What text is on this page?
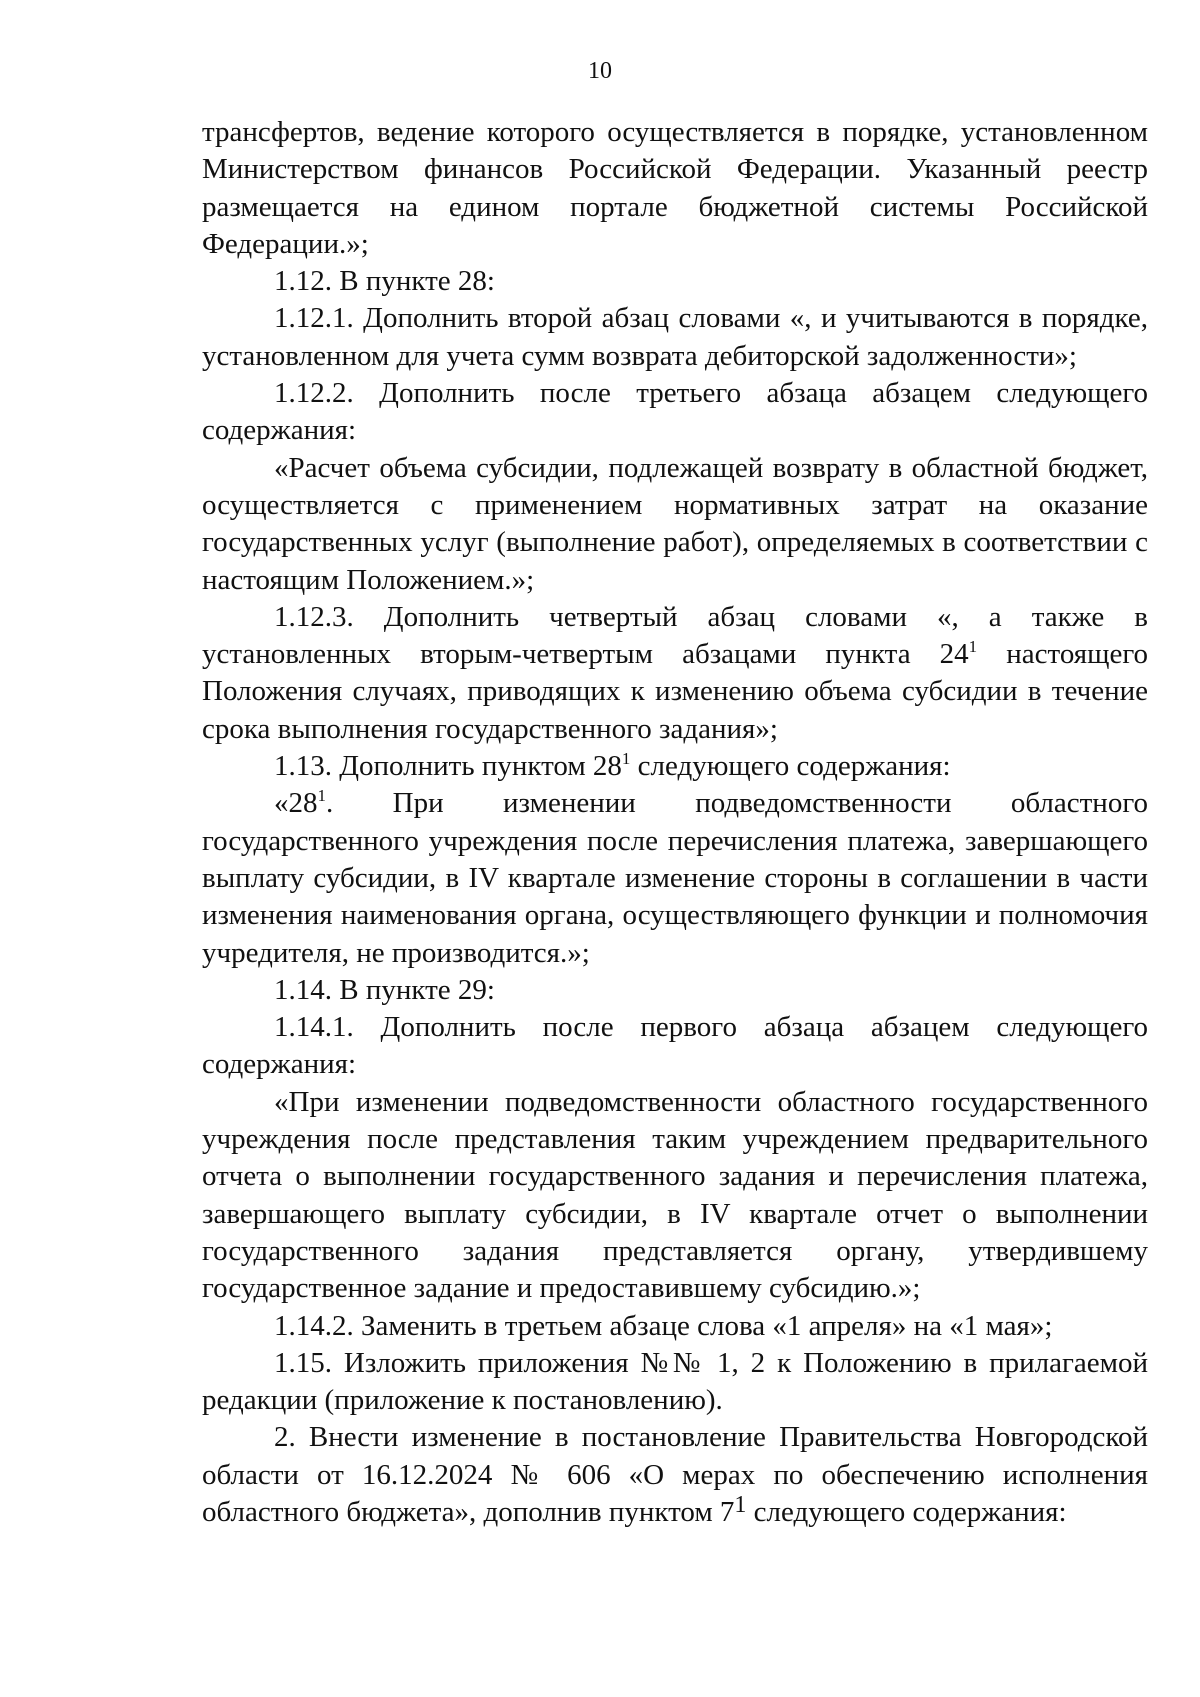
10

трансфертов, ведение которого осуществляется в порядке, установленном Министерством финансов Российской Федерации. Указанный реестр размещается на едином портале бюджетной системы Российской Федерации.»;

1.12. В пункте 28:

1.12.1. Дополнить второй абзац словами «, и учитываются в порядке, установленном для учета сумм возврата дебиторской задолженности»;

1.12.2. Дополнить после третьего абзаца абзацем следующего содержания:

«Расчет объема субсидии, подлежащей возврату в областной бюджет, осуществляется с применением нормативных затрат на оказание государственных услуг (выполнение работ), определяемых в соответствии с настоящим Положением.»;

1.12.3. Дополнить четвертый абзац словами «, а также в установленных вторым-четвертым абзацами пункта $24^1$ настоящего Положения случаях, приводящих к изменению объема субсидии в течение срока выполнения государственного задания»;

1.13. Дополнить пунктом $28^1$ следующего содержания:

«$28^1$. При изменении подведомственности областного государственного учреждения после перечисления платежа, завершающего выплату субсидии, в IV квартале изменение стороны в соглашении в части изменения наименования органа, осуществляющего функции и полномочия учредителя, не производится.»;

1.14. В пункте 29:

1.14.1. Дополнить после первого абзаца абзацем следующего содержания:

«При изменении подведомственности областного государственного учреждения после представления таким учреждением предварительного отчета о выполнении государственного задания и перечисления платежа, завершающего выплату субсидии, в IV квартале отчет о выполнении государственного задания представляется органу, утвердившему государственное задание и предоставившему субсидию.»;

1.14.2. Заменить в третьем абзаце слова «1 апреля» на «1 мая»;

1.15. Изложить приложения №№ 1, 2 к Положению в прилагаемой редакции (приложение к постановлению).

2. Внести изменение в постановление Правительства Новгородской области от 16.12.2024 № 606 «О мерах по обеспечению исполнения областного бюджета», дополнив пунктом $7^1$ следующего содержания:
